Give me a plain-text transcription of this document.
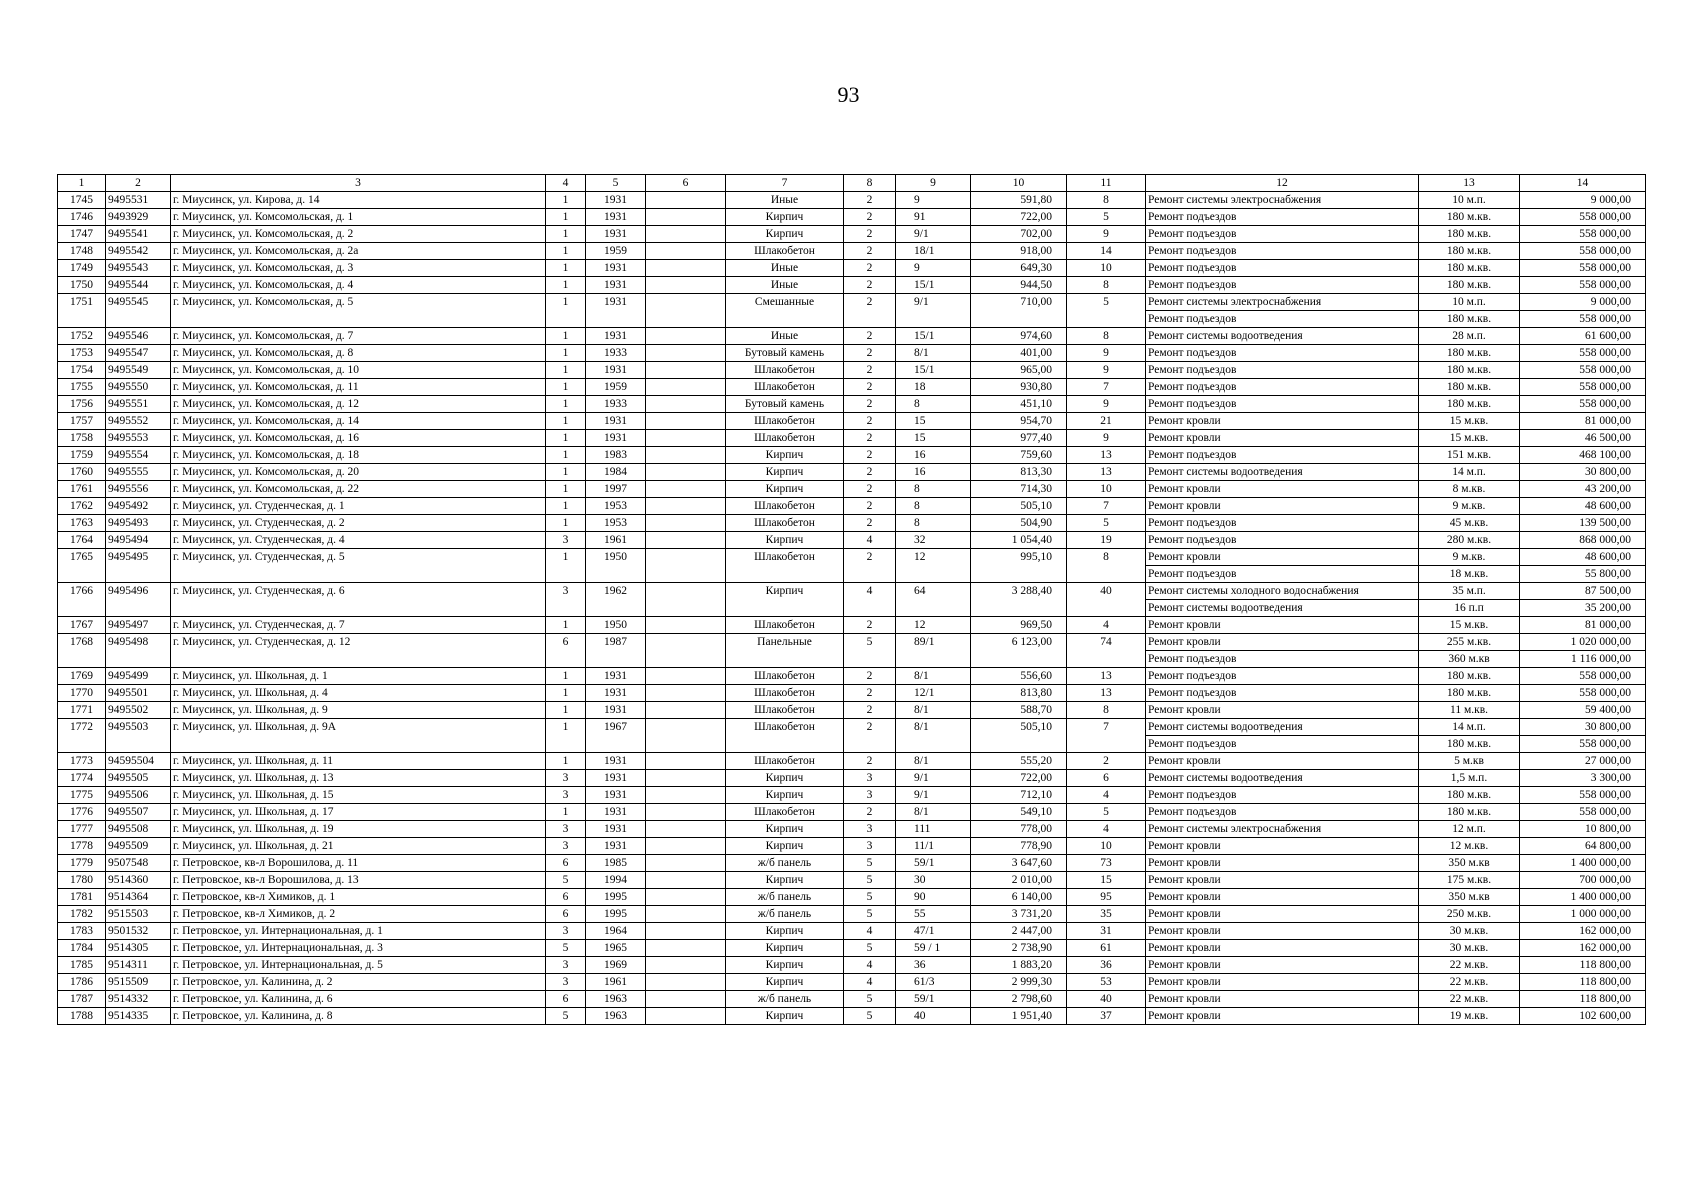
93
1	2	3	4	5	6	7	8	9	10	11	12	13	14
1745	9495531	г. Миусинск, ул. Кирова, д. 14	1	1931		Иные	2	9	591,80	8	Ремонт системы электроснабжения	10 м.п.	9 000,00
1746	9493929	г. Миусинск, ул. Комсомольская, д. 1	1	1931		Кирпич	2	91	722,00	5	Ремонт подъездов	180 м.кв.	558 000,00
1747	9495541	г. Миусинск, ул. Комсомольская, д. 2	1	1931		Кирпич	2	9/1	702,00	9	Ремонт подъездов	180 м.кв.	558 000,00
1748	9495542	г. Миусинск, ул. Комсомольская, д. 2а	1	1959		Шлакобетон	2	18/1	918,00	14	Ремонт подъездов	180 м.кв.	558 000,00
1749	9495543	г. Миусинск, ул. Комсомольская, д. 3	1	1931		Иные	2	9	649,30	10	Ремонт подъездов	180 м.кв.	558 000,00
1750	9495544	г. Миусинск, ул. Комсомольская, д. 4	1	1931		Иные	2	15/1	944,50	8	Ремонт подъездов	180 м.кв.	558 000,00
1751	9495545	г. Миусинск, ул. Комсомольская, д. 5	1	1931		Смешанные	2	9/1	710,00	5	Ремонт системы электроснабжения	10 м.п.	9 000,00
											Ремонт подъездов	180 м.кв.	558 000,00
1752	9495546	г. Миусинск, ул. Комсомольская, д. 7	1	1931		Иные	2	15/1	974,60	8	Ремонт системы водоотведения	28 м.п.	61 600,00
1753	9495547	г. Миусинск, ул. Комсомольская, д. 8	1	1933		Бутовый камень	2	8/1	401,00	9	Ремонт подъездов	180 м.кв.	558 000,00
1754	9495549	г. Миусинск, ул. Комсомольская, д. 10	1	1931		Шлакобетон	2	15/1	965,00	9	Ремонт подъездов	180 м.кв.	558 000,00
1755	9495550	г. Миусинск, ул. Комсомольская, д. 11	1	1959		Шлакобетон	2	18	930,80	7	Ремонт подъездов	180 м.кв.	558 000,00
1756	9495551	г. Миусинск, ул. Комсомольская, д. 12	1	1933		Бутовый камень	2	8	451,10	9	Ремонт подъездов	180 м.кв.	558 000,00
1757	9495552	г. Миусинск, ул. Комсомольская, д. 14	1	1931		Шлакобетон	2	15	954,70	21	Ремонт кровли	15 м.кв.	81 000,00
1758	9495553	г. Миусинск, ул. Комсомольская, д. 16	1	1931		Шлакобетон	2	15	977,40	9	Ремонт кровли	15 м.кв.	46 500,00
1759	9495554	г. Миусинск, ул. Комсомольская, д. 18	1	1983		Кирпич	2	16	759,60	13	Ремонт подъездов	151 м.кв.	468 100,00
1760	9495555	г. Миусинск, ул. Комсомольская, д. 20	1	1984		Кирпич	2	16	813,30	13	Ремонт системы водоотведения	14 м.п.	30 800,00
1761	9495556	г. Миусинск, ул. Комсомольская, д. 22	1	1997		Кирпич	2	8	714,30	10	Ремонт кровли	8 м.кв.	43 200,00
1762	9495492	г. Миусинск, ул. Студенческая, д. 1	1	1953		Шлакобетон	2	8	505,10	7	Ремонт кровли	9 м.кв.	48 600,00
1763	9495493	г. Миусинск, ул. Студенческая, д. 2	1	1953		Шлакобетон	2	8	504,90	5	Ремонт подъездов	45 м.кв.	139 500,00
1764	9495494	г. Миусинск, ул. Студенческая, д. 4	3	1961		Кирпич	4	32	1 054,40	19	Ремонт подъездов	280 м.кв.	868 000,00
1765	9495495	г. Миусинск, ул. Студенческая, д. 5	1	1950		Шлакобетон	2	12	995,10	8	Ремонт кровли	9 м.кв.	48 600,00
											Ремонт подъездов	18 м.кв.	55 800,00
1766	9495496	г. Миусинск, ул. Студенческая, д. 6	3	1962		Кирпич	4	64	3 288,40	40	Ремонт системы холодного водоснабжения	35 м.п.	87 500,00
											Ремонт системы водоотведения	16 п.п	35 200,00
1767	9495497	г. Миусинск, ул. Студенческая, д. 7	1	1950		Шлакобетон	2	12	969,50	4	Ремонт кровли	15 м.кв.	81 000,00
1768	9495498	г. Миусинск, ул. Студенческая, д. 12	6	1987		Панельные	5	89/1	6 123,00	74	Ремонт кровли	255 м.кв.	1 020 000,00
											Ремонт подъездов	360 м.кв	1 116 000,00
1769	9495499	г. Миусинск, ул. Школьная, д. 1	1	1931		Шлакобетон	2	8/1	556,60	13	Ремонт подъездов	180 м.кв.	558 000,00
1770	9495501	г. Миусинск, ул. Школьная, д. 4	1	1931		Шлакобетон	2	12/1	813,80	13	Ремонт подъездов	180 м.кв.	558 000,00
1771	9495502	г. Миусинск, ул. Школьная, д. 9	1	1931		Шлакобетон	2	8/1	588,70	8	Ремонт кровли	11 м.кв.	59 400,00
1772	9495503	г. Миусинск, ул. Школьная, д. 9А	1	1967		Шлакобетон	2	8/1	505,10	7	Ремонт системы водоотведения	14 м.п.	30 800,00
											Ремонт подъездов	180 м.кв.	558 000,00
1773	94595504	г. Миусинск, ул. Школьная, д. 11	1	1931		Шлакобетон	2	8/1	555,20	2	Ремонт кровли	5 м.кв	27 000,00
1774	9495505	г. Миусинск, ул. Школьная, д. 13	3	1931		Кирпич	3	9/1	722,00	6	Ремонт системы водоотведения	1,5 м.п.	3 300,00
1775	9495506	г. Миусинск, ул. Школьная, д. 15	3	1931		Кирпич	3	9/1	712,10	4	Ремонт подъездов	180 м.кв.	558 000,00
1776	9495507	г. Миусинск, ул. Школьная, д. 17	1	1931		Шлакобетон	2	8/1	549,10	5	Ремонт подъездов	180 м.кв.	558 000,00
1777	9495508	г. Миусинск, ул. Школьная, д. 19	3	1931		Кирпич	3	111	778,00	4	Ремонт системы электроснабжения	12 м.п.	10 800,00
1778	9495509	г. Миусинск, ул. Школьная, д. 21	3	1931		Кирпич	3	11/1	778,90	10	Ремонт кровли	12 м.кв.	64 800,00
1779	9507548	г. Петровское, кв-л Ворошилова, д. 11	6	1985		ж/б панель	5	59/1	3 647,60	73	Ремонт кровли	350 м.кв	1 400 000,00
1780	9514360	г. Петровское, кв-л Ворошилова, д. 13	5	1994		Кирпич	5	30	2 010,00	15	Ремонт кровли	175 м.кв.	700 000,00
1781	9514364	г. Петровское, кв-л Химиков, д. 1	6	1995		ж/б панель	5	90	6 140,00	95	Ремонт кровли	350 м.кв	1 400 000,00
1782	9515503	г. Петровское, кв-л Химиков, д. 2	6	1995		ж/б панель	5	55	3 731,20	35	Ремонт кровли	250 м.кв.	1 000 000,00
1783	9501532	г. Петровское, ул. Интернациональная, д. 1	3	1964		Кирпич	4	47/1	2 447,00	31	Ремонт кровли	30 м.кв.	162 000,00
1784	9514305	г. Петровское, ул. Интернациональная, д. 3	5	1965		Кирпич	5	59 / 1	2 738,90	61	Ремонт кровли	30 м.кв.	162 000,00
1785	9514311	г. Петровское, ул. Интернациональная, д. 5	3	1969		Кирпич	4	36	1 883,20	36	Ремонт кровли	22 м.кв.	118 800,00
1786	9515509	г. Петровское, ул. Калинина, д. 2	3	1961		Кирпич	4	61/3	2 999,30	53	Ремонт кровли	22 м.кв.	118 800,00
1787	9514332	г. Петровское, ул. Калинина, д. 6	6	1963		ж/б панель	5	59/1	2 798,60	40	Ремонт кровли	22 м.кв.	118 800,00
1788	9514335	г. Петровское, ул. Калинина, д. 8	5	1963		Кирпич	5	40	1 951,40	37	Ремонт кровли	19 м.кв.	102 600,00
